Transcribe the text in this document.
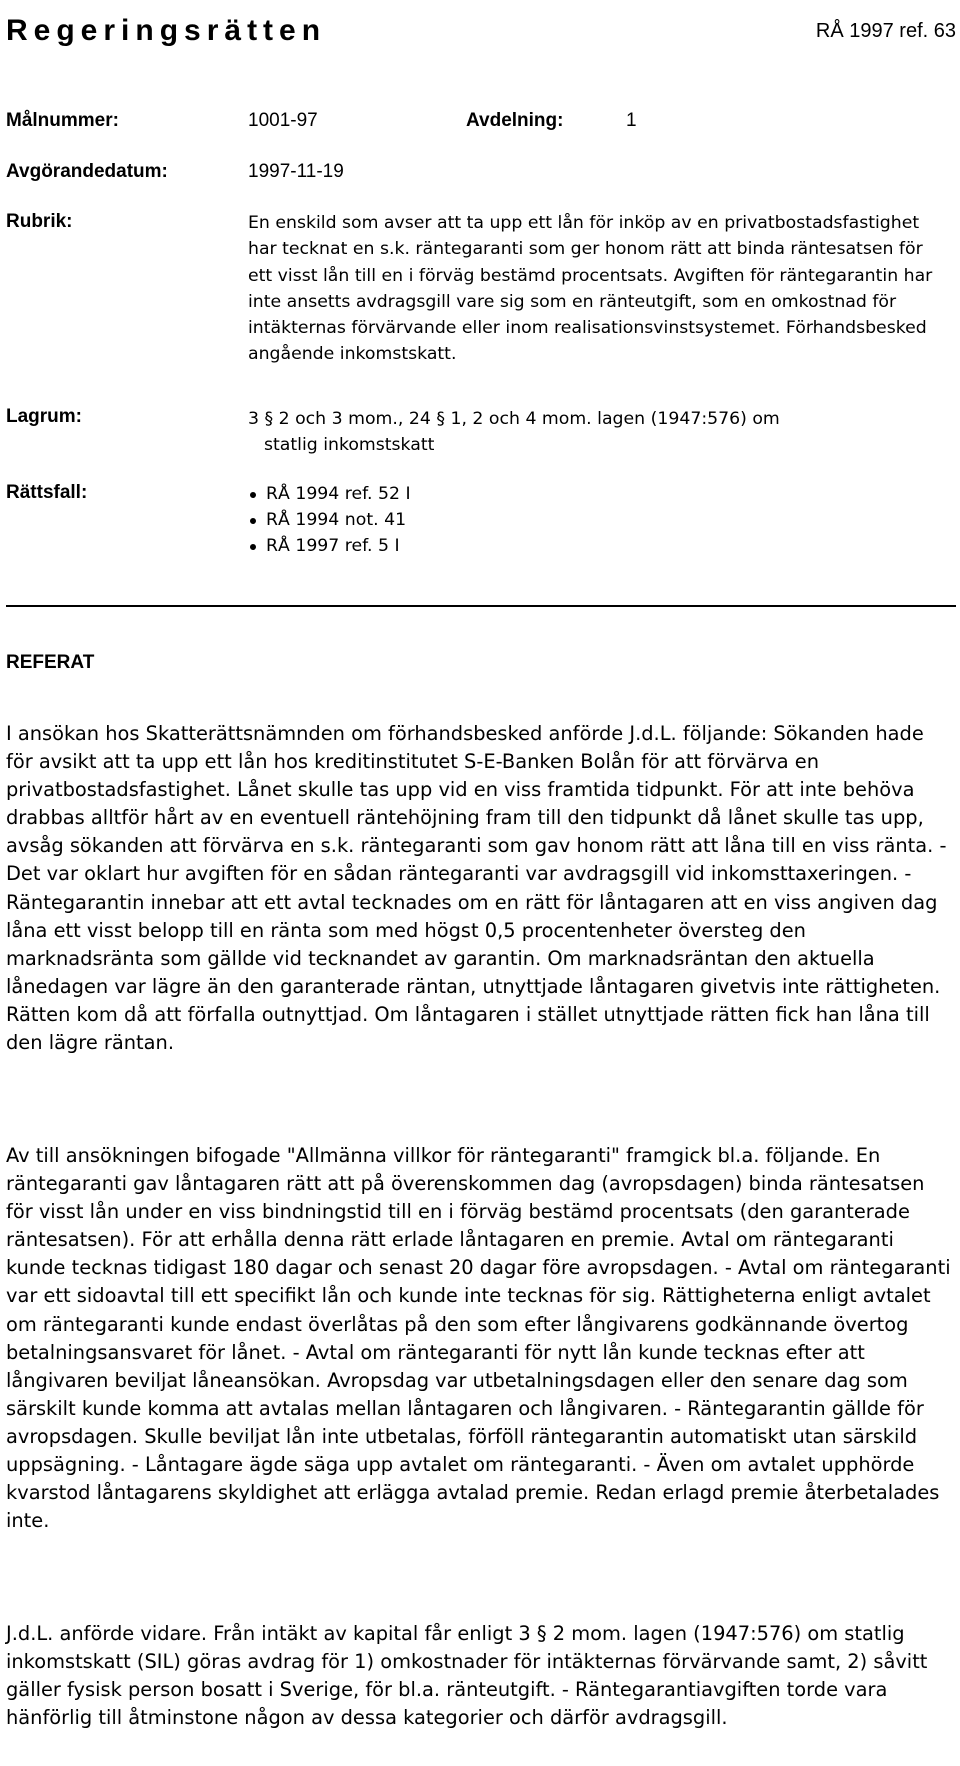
Regeringsrätten	RÅ 1997 ref. 63
Målnummer:	1001-97	Avdelning:	1
Avgörandedatum:	1997-11-19
Rubrik:	En enskild som avser att ta upp ett lån för inköp av en privatbostadsfastighet har tecknat en s.k. räntegaranti som ger honom rätt att binda räntesatsen för ett visst lån till en i förväg bestämd procentsats. Avgiften för räntegarantin har inte ansetts avdragsgill vare sig som en ränteutgift, som en omkostnad för intäkternas förvärvande eller inom realisationsvinstsystemet. Förhandsbesked angående inkomstskatt.
Lagrum:	3 § 2 och 3 mom., 24 § 1, 2 och 4 mom. lagen (1947:576) om
statlig inkomstskatt
Rättsfall:	RÅ 1994 ref. 52 I
RÅ 1994 not. 41
RÅ 1997 ref. 5 I
REFERAT
I ansökan hos Skatterättsnämnden om förhandsbesked anförde J.d.L. följande: Sökanden hade för avsikt att ta upp ett lån hos kreditinstitutet S-E-Banken Bolån för att förvärva en privatbostadsfastighet. Lånet skulle tas upp vid en viss framtida tidpunkt. För att inte behöva drabbas alltför hårt av en eventuell räntehöjning fram till den tidpunkt då lånet skulle tas upp, avsåg sökanden att förvärva en s.k. räntegaranti som gav honom rätt att låna till en viss ränta. - Det var oklart hur avgiften för en sådan räntegaranti var avdragsgill vid inkomsttaxeringen. - Räntegarantin innebar att ett avtal tecknades om en rätt för låntagaren att en viss angiven dag låna ett visst belopp till en ränta som med högst 0,5 procentenheter översteg den marknadsränta som gällde vid tecknandet av garantin. Om marknadsräntan den aktuella lånedagen var lägre än den garanterade räntan, utnyttjade låntagaren givetvis inte rättigheten. Rätten kom då att förfalla outnyttjad. Om låntagaren i stället utnyttjade rätten fick han låna till den lägre räntan.
Av till ansökningen bifogade "Allmänna villkor för räntegaranti" framgick bl.a. följande. En räntegaranti gav låntagaren rätt att på överenskommen dag (avropsdagen) binda räntesatsen för visst lån under en viss bindningstid till en i förväg bestämd procentsats (den garanterade räntesatsen). För att erhålla denna rätt erlade låntagaren en premie. Avtal om räntegaranti kunde tecknas tidigast 180 dagar och senast 20 dagar före avropsdagen. - Avtal om räntegaranti var ett sidoavtal till ett specifikt lån och kunde inte tecknas för sig. Rättigheterna enligt avtalet om räntegaranti kunde endast överlåtas på den som efter långivarens godkännande övertog betalningsansvaret för lånet. - Avtal om räntegaranti för nytt lån kunde tecknas efter att långivaren beviljat låneansökan. Avropsdag var utbetalningsdagen eller den senare dag som särskilt kunde komma att avtalas mellan låntagaren och långivaren. - Räntegarantin gällde för avropsdagen. Skulle beviljat lån inte utbetalas, förföll räntegarantin automatiskt utan särskild uppsägning. - Låntagare ägde säga upp avtalet om räntegaranti. - Även om avtalet upphörde kvarstod låntagarens skyldighet att erlägga avtalad premie. Redan erlagd premie återbetalades inte.
J.d.L. anförde vidare. Från intäkt av kapital får enligt 3 § 2 mom. lagen (1947:576) om statlig inkomstskatt (SIL) göras avdrag för 1) omkostnader för intäkternas förvärvande samt, 2) såvitt gäller fysisk person bosatt i Sverige, för bl.a. ränteutgift. - Räntegarantiavgiften torde vara hänförlig till åtminstone någon av dessa kategorier och därför avdragsgill.
